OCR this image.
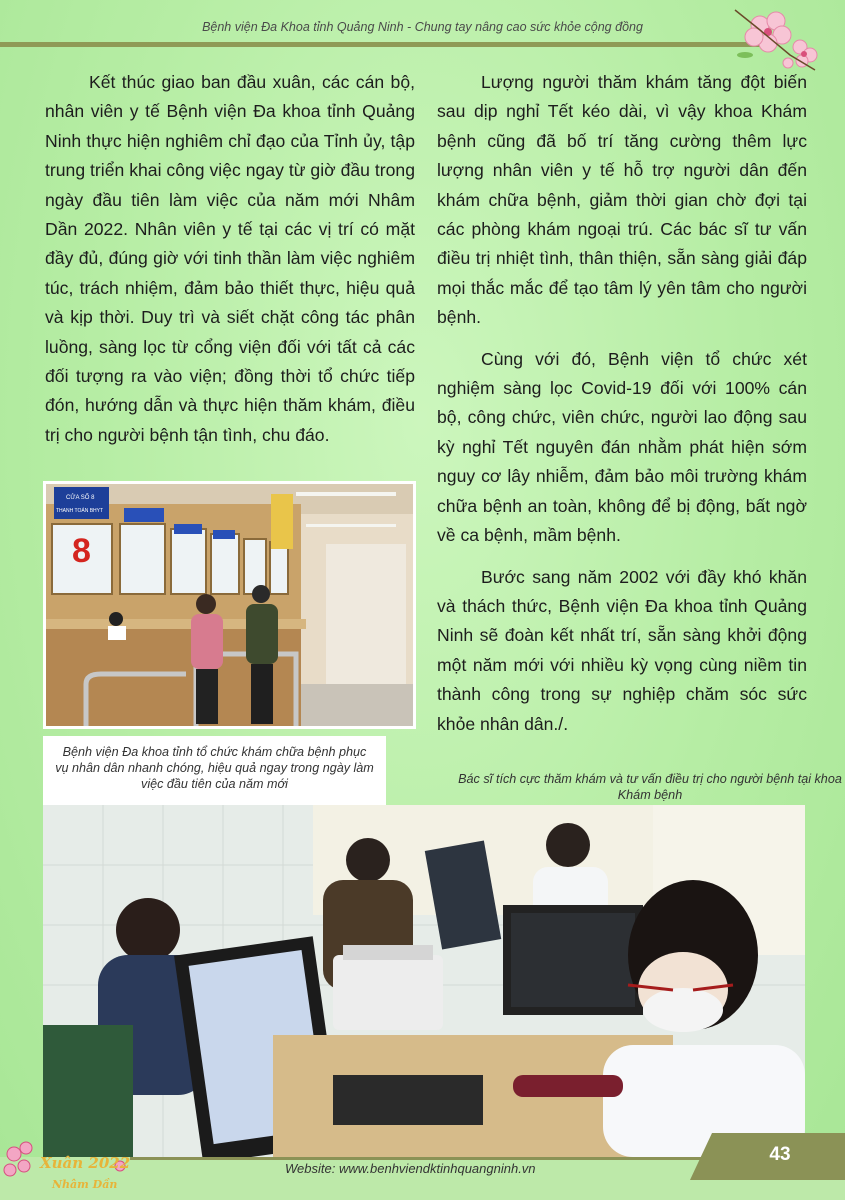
Bệnh viện Đa Khoa tỉnh Quảng Ninh - Chung tay nâng cao sức khỏe cộng đồng

Kết thúc giao ban đầu xuân, các cán bộ, nhân viên y tế Bệnh viện Đa khoa tỉnh Quảng Ninh thực hiện nghiêm chỉ đạo của Tỉnh ủy, tập trung triển khai công việc ngay từ giờ đầu trong ngày đầu tiên làm việc của năm mới Nhâm Dần 2022. Nhân viên y tế tại các vị trí có mặt đầy đủ, đúng giờ với tinh thần làm việc nghiêm túc, trách nhiệm, đảm bảo thiết thực, hiệu quả và kịp thời. Duy trì và siết chặt công tác phân luồng, sàng lọc từ cổng viện đối với tất cả các đối tượng ra vào viện; đồng thời tổ chức tiếp đón, hướng dẫn và thực hiện thăm khám, điều trị cho người bệnh tận tình, chu đáo.

Lượng người thăm khám tăng đột biến sau dịp nghỉ Tết kéo dài, vì vậy khoa Khám bệnh cũng đã bố trí tăng cường thêm lực lượng nhân viên y tế hỗ trợ người dân đến khám chữa bệnh, giảm thời gian chờ đợi tại các phòng khám ngoại trú. Các bác sĩ tư vấn điều trị nhiệt tình, thân thiện, sẵn sàng giải đáp mọi thắc mắc để tạo tâm lý yên tâm cho người bệnh.

Cùng với đó, Bệnh viện tổ chức xét nghiệm sàng lọc Covid-19 đối với 100% cán bộ, công chức, viên chức, người lao động sau kỳ nghỉ Tết nguyên đán nhằm phát hiện sớm nguy cơ lây nhiễm, đảm bảo môi trường khám chữa bệnh an toàn, không để bị động, bất ngờ về ca bệnh, mầm bệnh.

Bước sang năm 2002 với đầy khó khăn và thách thức, Bệnh viện Đa khoa tỉnh Quảng Ninh sẽ đoàn kết nhất trí, sẵn sàng khởi động một năm mới với nhiều kỳ vọng cùng niềm tin thành công trong sự nghiệp chăm sóc sức khỏe nhân dân./.

CỬA SỐ 8
THANH TOÁN BHYT
8
Bệnh viện Đa khoa tỉnh tổ chức khám chữa bệnh phục vụ nhân dân nhanh chóng, hiệu quả ngay trong ngày làm việc đầu tiên của năm mới	Bác sĩ tích cực thăm khám và tư vấn điều trị cho người bệnh tại khoa Khám bệnh
43
Website: www.benhviendktinhquangninh.vn
Xuân 2022
Nhâm Dần
